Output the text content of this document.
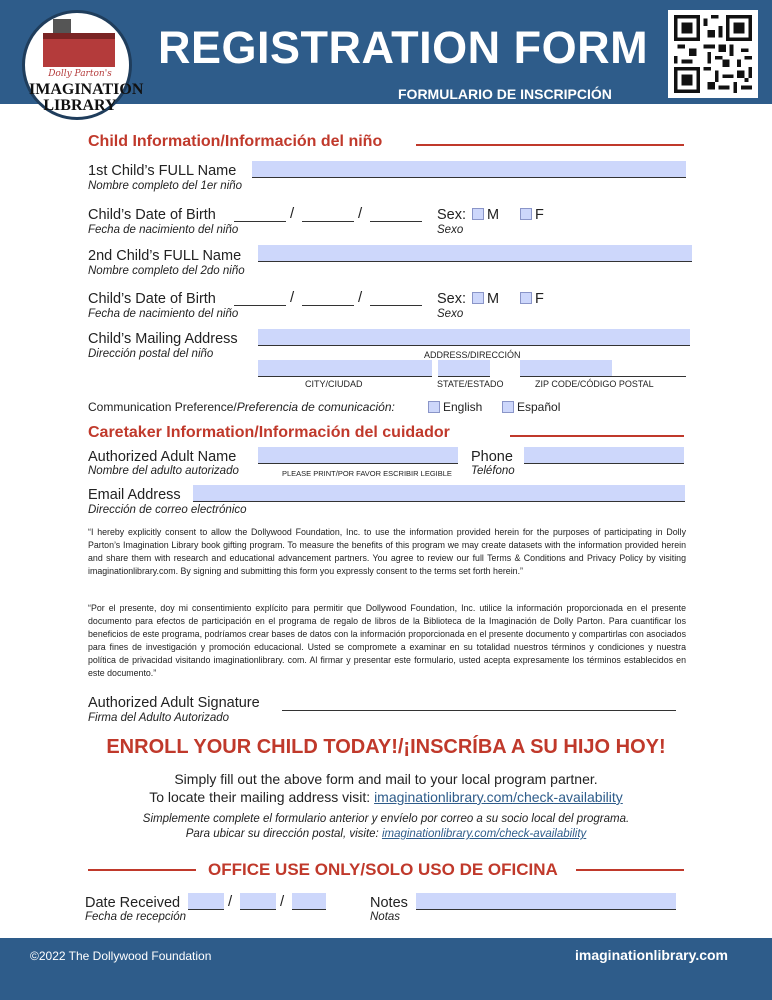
Dolly Parton's
IMAGINATION
LIBRARY
REGISTRATION FORM
FORMULARIO DE INSCRIPCIÓN
Child Information/Información del niño
1st Child’s FULL Name
Nombre completo del 1er niño
Child’s Date of Birth	/	/	Sex: M F
Fecha de nacimiento del niño	Sexo
2nd Child’s FULL Name
Nombre completo del 2do niño
Child’s Date of Birth	/	/	Sex: M F
Fecha de nacimiento del niño	Sexo
Child’s Mailing Address
Dirección postal del niño	ADDRESS/DIRECCIÓN
CITY/CIUDAD	STATE/ESTADO	ZIP CODE/CÓDIGO POSTAL
Communication Preference/Preferencia de comunicación:	English	Español
Caretaker Information/Información del cuidador
Authorized Adult Name	Phone
Nombre del adulto autorizado	PLEASE PRINT/POR FAVOR ESCRIBIR LEGIBLE Teléfono
Email Address
Dirección de correo electrónico
“I hereby explicitly consent to allow the Dollywood Foundation, Inc. to use the information provided herein for the purposes of participating in Dolly Parton’s Imagination Library book gifting program. To measure the benefits of this program we may create datasets with the information provided herein and share them with research and educational advancement partners. You agree to review our full Terms & Conditions and Privacy Policy by visiting imaginationlibrary.com. By signing and submitting this form you expressly consent to the terms set forth herein.”
“Por el presente, doy mi consentimiento explícito para permitir que Dollywood Foundation, Inc. utilice la información proporcionada en el presente documento para efectos de participación en el programa de regalo de libros de la Biblioteca de la Imaginación de Dolly Parton. Para cuantificar los beneficios de este programa, podríamos crear bases de datos con la información proporcionada en el presente documento y compartirlas con asociados para fines de investigación y promoción educacional. Usted se compromete a examinar en su totalidad nuestros términos y condiciones y nuestra política de privacidad visitando imaginationlibrary. com. Al firmar y presentar este formulario, usted acepta expresamente los términos establecidos en este documento.”
Authorized Adult Signature
Firma del Adulto Autorizado
ENROLL YOUR CHILD TODAY!/¡INSCRÍBA A SU HIJO HOY!
Simply fill out the above form and mail to your local program partner.
To locate their mailing address visit: imaginationlibrary.com/check-availability
Simplemente complete el formulario anterior y envíelo por correo a su socio local del programa.
Para ubicar su dirección postal, visite: imaginationlibrary.com/check-availability
OFFICE USE ONLY/SOLO USO DE OFICINA
Date Received	/	/
Fecha de recepción
Notes
Notas
©2022 The Dollywood Foundation	imaginationlibrary.com
